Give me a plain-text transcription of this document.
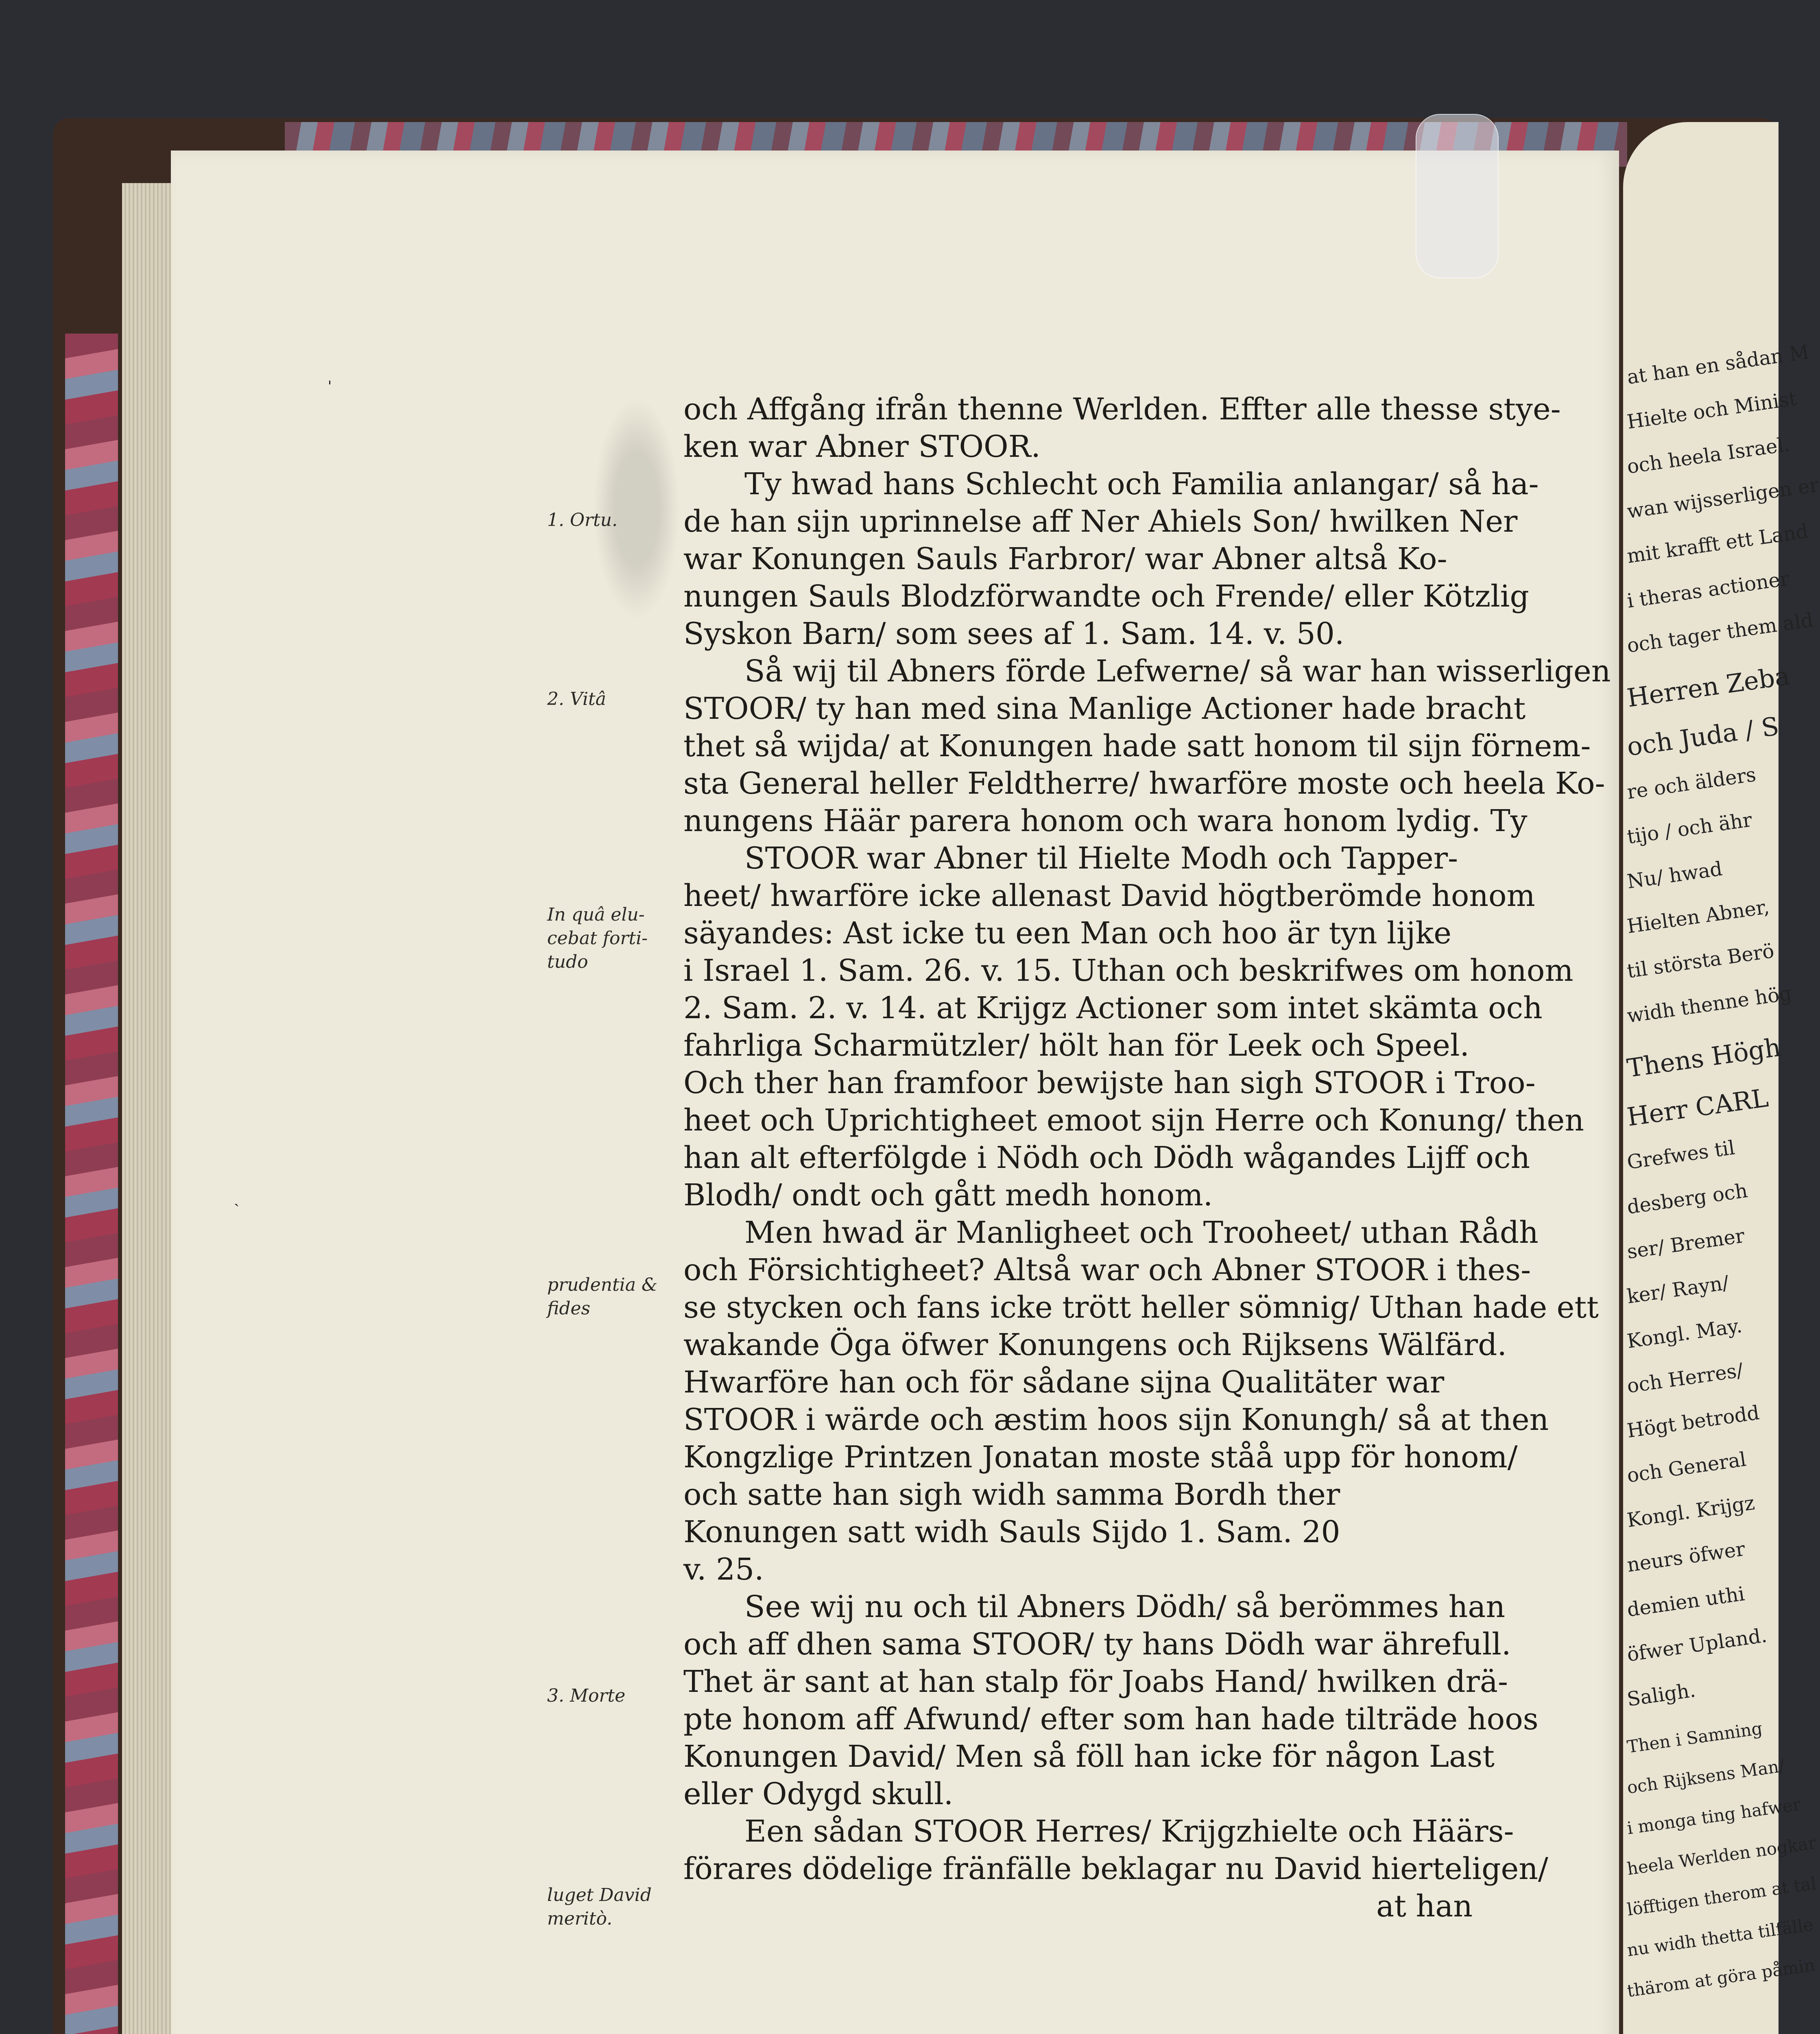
1. Ortu.
2. Vitâ
In quâ elu- cebat forti- tudo
prudentia & fides
3. Morte
luget David meritò.
och Affgång ifrån thenne Werlden. Effter alle thesse stye-
ken war Abner STOOR.
Ty hwad hans Schlecht och Familia anlangar/ så ha-
de han sijn uprinnelse aff Ner Ahiels Son/ hwilken Ner
war Konungen Sauls Farbror/ war Abner altså Ko-
nungen Sauls Blodzförwandte och Frende/ eller Kötzlig
Syskon Barn/ som sees af 1. Sam. 14. v. 50.
Så wij til Abners förde Lefwerne/ så war han wisserligen
STOOR/ ty han med sina Manlige Actioner hade bracht
thet så wijda/ at Konungen hade satt honom til sijn förnem-
sta General heller Feldtherre/ hwarföre moste och heela Ko-
nungens Häär parera honom och wara honom lydig. Ty
STOOR war Abner til Hielte Modh och Tapper-
heet/ hwarföre icke allenast David högtberömde honom
säyandes: Ast icke tu een Man och hoo är tyn lijke
i Israel 1. Sam. 26. v. 15. Uthan och beskrifwes om honom
2. Sam. 2. v. 14. at Krijgz Actioner som intet skämta och
fahrliga Scharmützler/ hölt han för Leek och Speel.
Och ther han framfoor bewijste han sigh STOOR i Troo-
heet och Uprichtigheet emoot sijn Herre och Konung/ then
han alt efterfölgde i Nödh och Dödh wågandes Lijff och
Blodh/ ondt och gått medh honom.
Men hwad är Manligheet och Trooheet/ uthan Rådh
och Försichtigheet? Altså war och Abner STOOR i thes-
se stycken och fans icke trött heller sömnig/ Uthan hade ett
wakande Öga öfwer Konungens och Rijksens Wälfärd.
Hwarföre han och för sådane sijna Qualitäter war
STOOR i wärde och æstim hoos sijn Konungh/ så at then
Kongzlige Printzen Jonatan moste ståå upp för honom/
och satte han sigh widh samma Bordh ther
Konungen satt widh Sauls Sijdo 1. Sam. 20
v. 25.
See wij nu och til Abners Dödh/ så berömmes han
och aff dhen sama STOOR/ ty hans Dödh war ährefull.
Thet är sant at han stalp för Joabs Hand/ hwilken drä-
pte honom aff Afwund/ efter som han hade tilträde hoos
Konungen David/ Men så föll han icke för någon Last
eller Odygd skull.
Een sådan STOOR Herres/ Krijgzhielte och Häärs-
förares dödelige fränfälle beklagar nu David hierteligen/
at han
at han en sådan M
Hielte och Minist
och heela Israel.
wan wijsserligen er
mit krafft ett Land
i theras actioner
och tager them ald
Herren Zeba
och Juda / S
re och älders
tijo / och ähr
Nu/ hwad
Hielten Abner,
til största Berö
widh thenne hög
Thens Högh
Herr CARL
Grefwes til
desberg och
ser/ Bremer
ker/ Rayn/
Kongl. May.
och Herres/
Högt betrodd
och General
Kongl. Krijgz
neurs öfwer
demien uthi
öfwer Upland.
Saligh.
Then i Samning
och Rijksens Man/
i monga ting hafwer
heela Werlden nogkar
löfftigen therom at tal
nu widh thetta tilfälle
thärom at göra påmin
ˈ
ˏ
